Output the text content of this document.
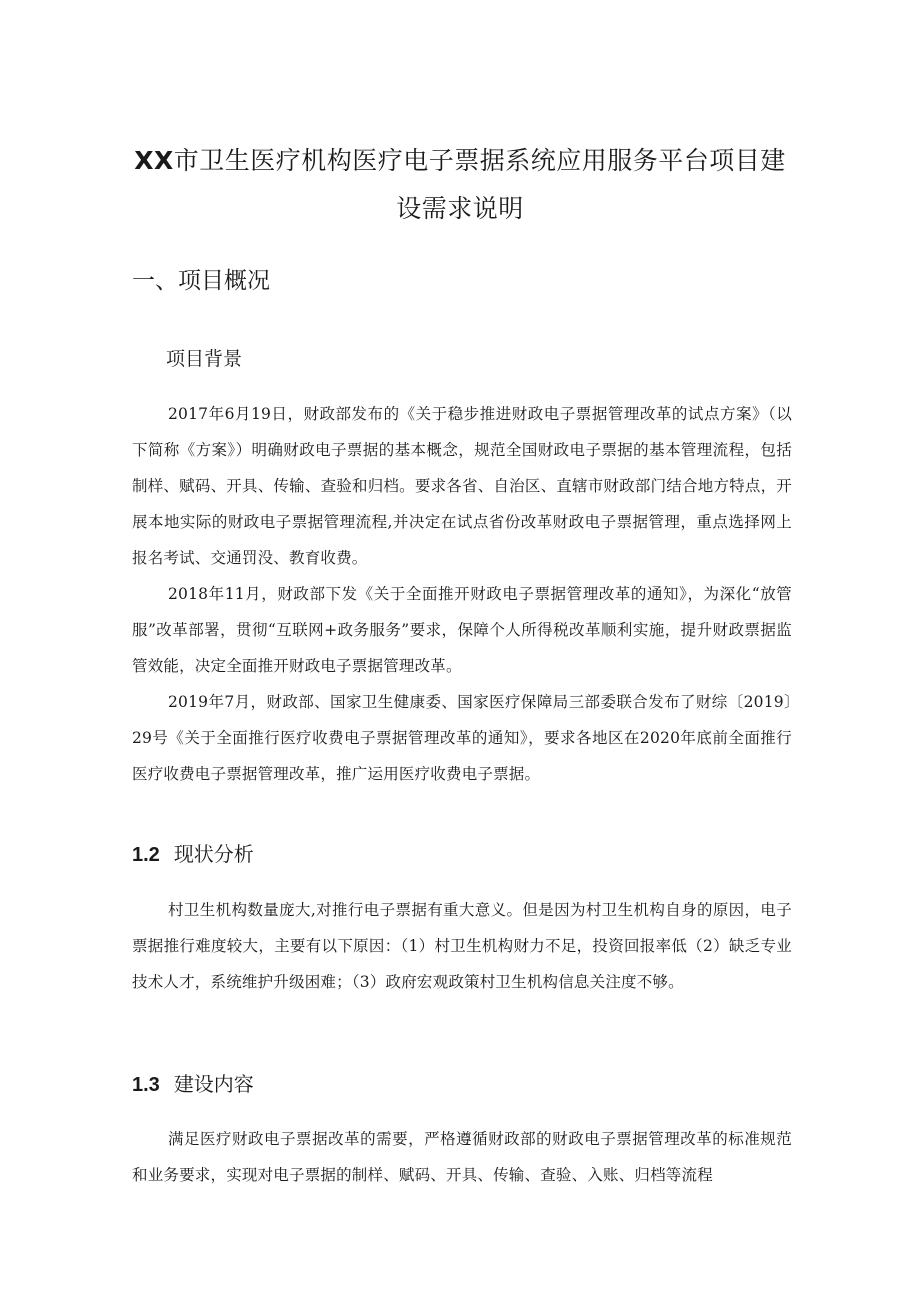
XX市卫生医疗机构医疗电子票据系统应用服务平台项目建
设需求说明
一、项目概况
项目背景

2017年6月19日，财政部发布的《关于稳步推进财政电子票据管理改革的试点方案》（以下简称《方案》）明确财政电子票据的基本概念，规范全国财政电子票据的基本管理流程，包括制样、赋码、开具、传输、查验和归档。要求各省、自治区、直辖市财政部门结合地方特点，开展本地实际的财政电子票据管理流程,并决定在试点省份改革财政电子票据管理，重点选择网上报名考试、交通罚没、教育收费。

2018年11月，财政部下发《关于全面推开财政电子票据管理改革的通知》，为深化“放管服”改革部署，贯彻“互联网+政务服务”要求，保障个人所得税改革顺利实施，提升财政票据监管效能，决定全面推开财政电子票据管理改革。

2019年7月，财政部、国家卫生健康委、国家医疗保障局三部委联合发布了财综〔2019〕29号《关于全面推行医疗收费电子票据管理改革的通知》，要求各地区在2020年底前全面推行医疗收费电子票据管理改革，推广运用医疗收费电子票据。

1.2 现状分析

村卫生机构数量庞大,对推行电子票据有重大意义。但是因为村卫生机构自身的原因，电子票据推行难度较大，主要有以下原因：（1）村卫生机构财力不足，投资回报率低（2）缺乏专业技术人才，系统维护升级困难；（3）政府宏观政策村卫生机构信息关注度不够。

1.3 建设内容

满足医疗财政电子票据改革的需要，严格遵循财政部的财政电子票据管理改革的标准规范和业务要求，实现对电子票据的制样、赋码、开具、传输、查验、入账、归档等流程
